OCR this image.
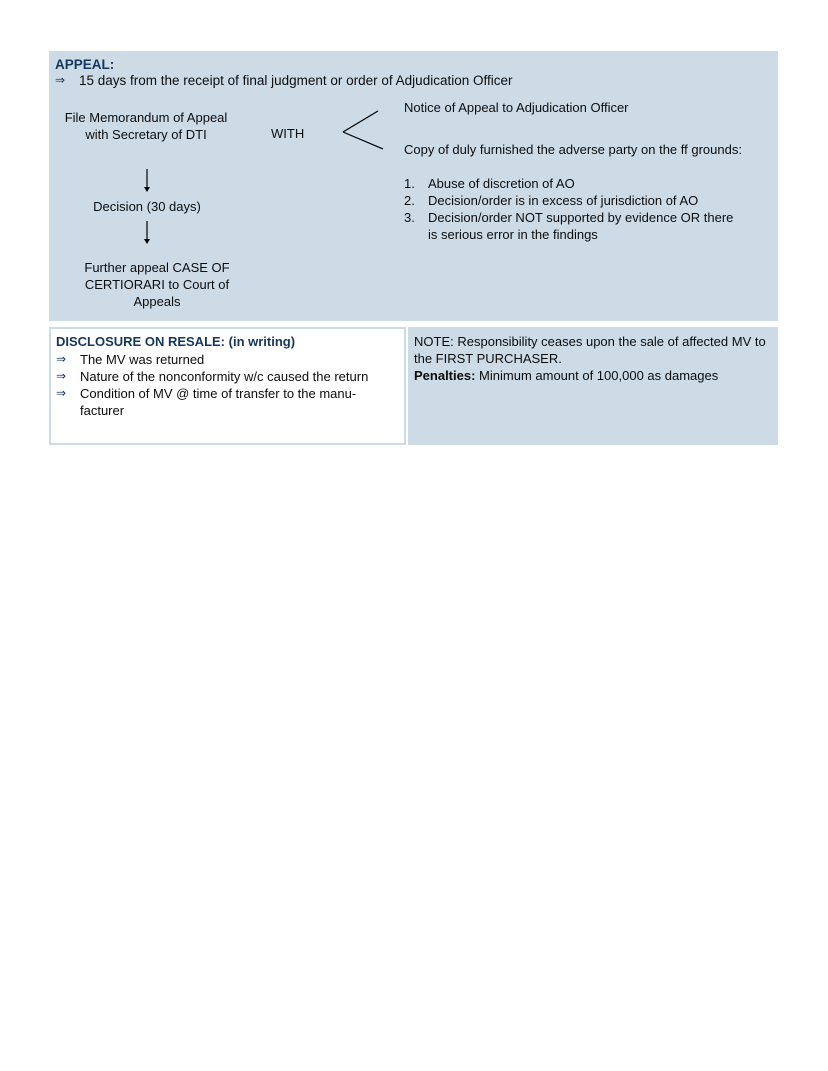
APPEAL:
⇒ 15 days from the receipt of final judgment or order of Adjudication Officer
File Memorandum of Appeal with Secretary of DTI
Decision (30 days)
Further appeal CASE OF CERTIORARI to Court of Appeals
WITH
Notice of Appeal to Adjudication Officer
Copy of duly furnished the adverse party on the ff grounds:
1.	Abuse of discretion of AO
2.	Decision/order is in excess of jurisdiction of AO
3.	Decision/order NOT supported by evidence OR there is serious error in the findings
DISCLOSURE ON RESALE: (in writing)
⇒	The MV was returned
⇒	Nature of the nonconformity w/c caused the return
⇒	Condition of MV @ time of transfer to the manu-facturer
NOTE: Responsibility ceases upon the sale of affected MV to the FIRST PURCHASER.
Penalties: Minimum amount of 100,000 as damages
